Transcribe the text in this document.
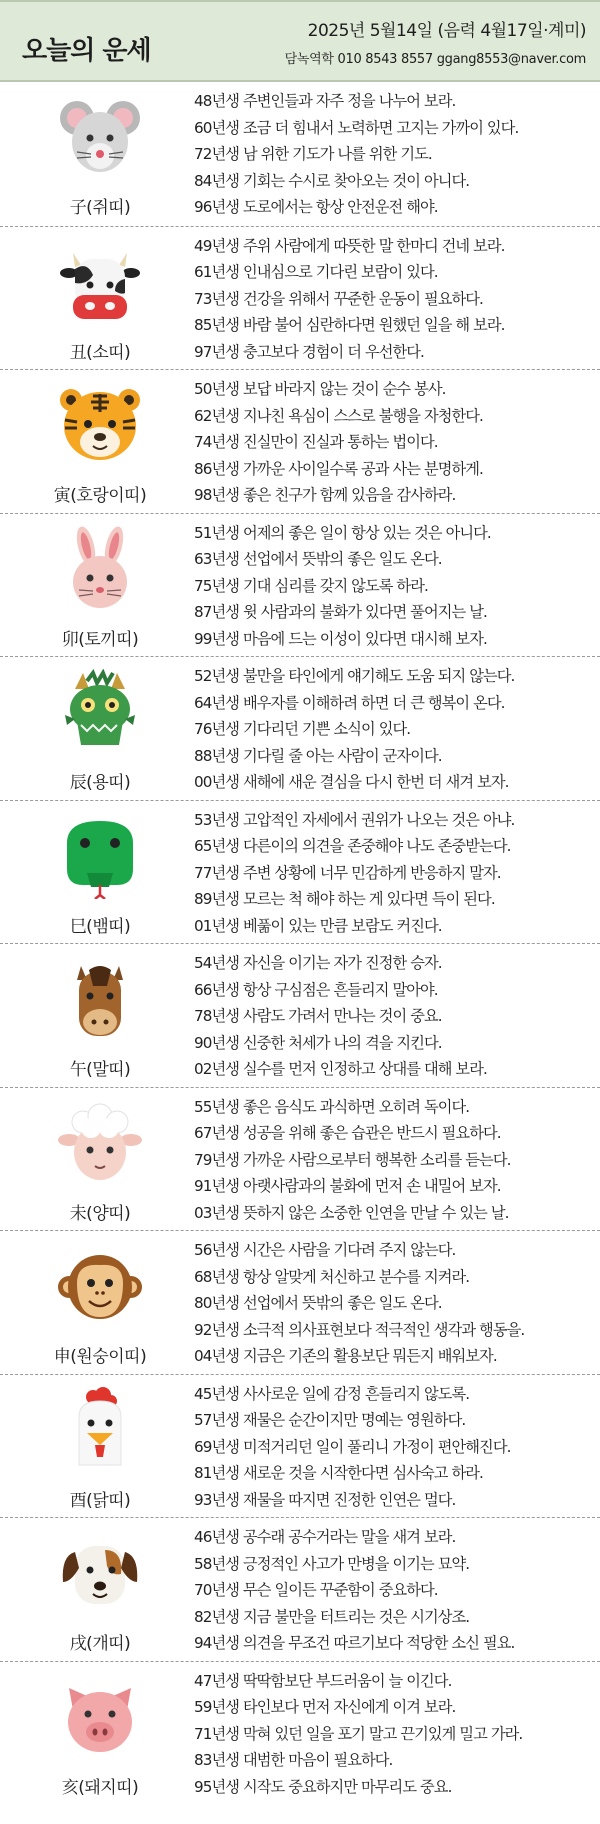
오늘의 운세
2025년 5월14일 (음력 4월17일·계미)
담녹역학 010 8543 8557 ggang8553@naver.com
子(쥐띠)
48년생 주변인들과 자주 정을 나누어 보라.
60년생 조금 더 힘내서 노력하면 고지는 가까이 있다.
72년생 남 위한 기도가 나를 위한 기도.
84년생 기회는 수시로 찾아오는 것이 아니다.
96년생 도로에서는 항상 안전운전 해야.
丑(소띠)
49년생 주위 사람에게 따뜻한 말 한마디 건네 보라.
61년생 인내심으로 기다린 보람이 있다.
73년생 건강을 위해서 꾸준한 운동이 필요하다.
85년생 바람 불어 심란하다면 원했던 일을 해 보라.
97년생 충고보다 경험이 더 우선한다.
寅(호랑이띠)
50년생 보답 바라지 않는 것이 순수 봉사.
62년생 지나친 욕심이 스스로 불행을 자청한다.
74년생 진실만이 진실과 통하는 법이다.
86년생 가까운 사이일수록 공과 사는 분명하게.
98년생 좋은 친구가 함께 있음을 감사하라.
卯(토끼띠)
51년생 어제의 좋은 일이 항상 있는 것은 아니다.
63년생 선업에서 뜻밖의 좋은 일도 온다.
75년생 기대 심리를 갖지 않도록 하라.
87년생 윗 사람과의 불화가 있다면 풀어지는 날.
99년생 마음에 드는 이성이 있다면 대시해 보자.
辰(용띠)
52년생 불만을 타인에게 얘기해도 도움 되지 않는다.
64년생 배우자를 이해하려 하면 더 큰 행복이 온다.
76년생 기다리던 기쁜 소식이 있다.
88년생 기다릴 줄 아는 사람이 군자이다.
00년생 새해에 새운 결심을 다시 한번 더 새겨 보자.
巳(뱀띠)
53년생 고압적인 자세에서 권위가 나오는 것은 아냐.
65년생 다른이의 의견을 존중해야 나도 존중받는다.
77년생 주변 상황에 너무 민감하게 반응하지 말자.
89년생 모르는 척 해야 하는 게 있다면 득이 된다.
01년생 베풂이 있는 만큼 보람도 커진다.
午(말띠)
54년생 자신을 이기는 자가 진정한 승자.
66년생 항상 구심점은 흔들리지 말아야.
78년생 사람도 가려서 만나는 것이 중요.
90년생 신중한 처세가 나의 격을 지킨다.
02년생 실수를 먼저 인정하고 상대를 대해 보라.
未(양띠)
55년생 좋은 음식도 과식하면 오히려 독이다.
67년생 성공을 위해 좋은 습관은 반드시 필요하다.
79년생 가까운 사람으로부터 행복한 소리를 듣는다.
91년생 아랫사람과의 불화에 먼저 손 내밀어 보자.
03년생 뜻하지 않은 소중한 인연을 만날 수 있는 날.
申(원숭이띠)
56년생 시간은 사람을 기다려 주지 않는다.
68년생 항상 알맞게 처신하고 분수를 지켜라.
80년생 선업에서 뜻밖의 좋은 일도 온다.
92년생 소극적 의사표현보다 적극적인 생각과 행동을.
04년생 지금은 기존의 활용보단 뭐든지 배워보자.
酉(닭띠)
45년생 사사로운 일에 감정 흔들리지 않도록.
57년생 재물은 순간이지만 명예는 영원하다.
69년생 미적거리던 일이 풀리니 가정이 편안해진다.
81년생 새로운 것을 시작한다면 심사숙고 하라.
93년생 재물을 따지면 진정한 인연은 멀다.
戌(개띠)
46년생 공수래 공수거라는 말을 새겨 보라.
58년생 긍정적인 사고가 만병을 이기는 묘약.
70년생 무슨 일이든 꾸준함이 중요하다.
82년생 지금 불만을 터트리는 것은 시기상조.
94년생 의견을 무조건 따르기보다 적당한 소신 필요.
亥(돼지띠)
47년생 딱딱함보단 부드러움이 늘 이긴다.
59년생 타인보다 먼저 자신에게 이겨 보라.
71년생 막혀 있던 일을 포기 말고 끈기있게 밀고 가라.
83년생 대범한 마음이 필요하다.
95년생 시작도 중요하지만 마무리도 중요.
